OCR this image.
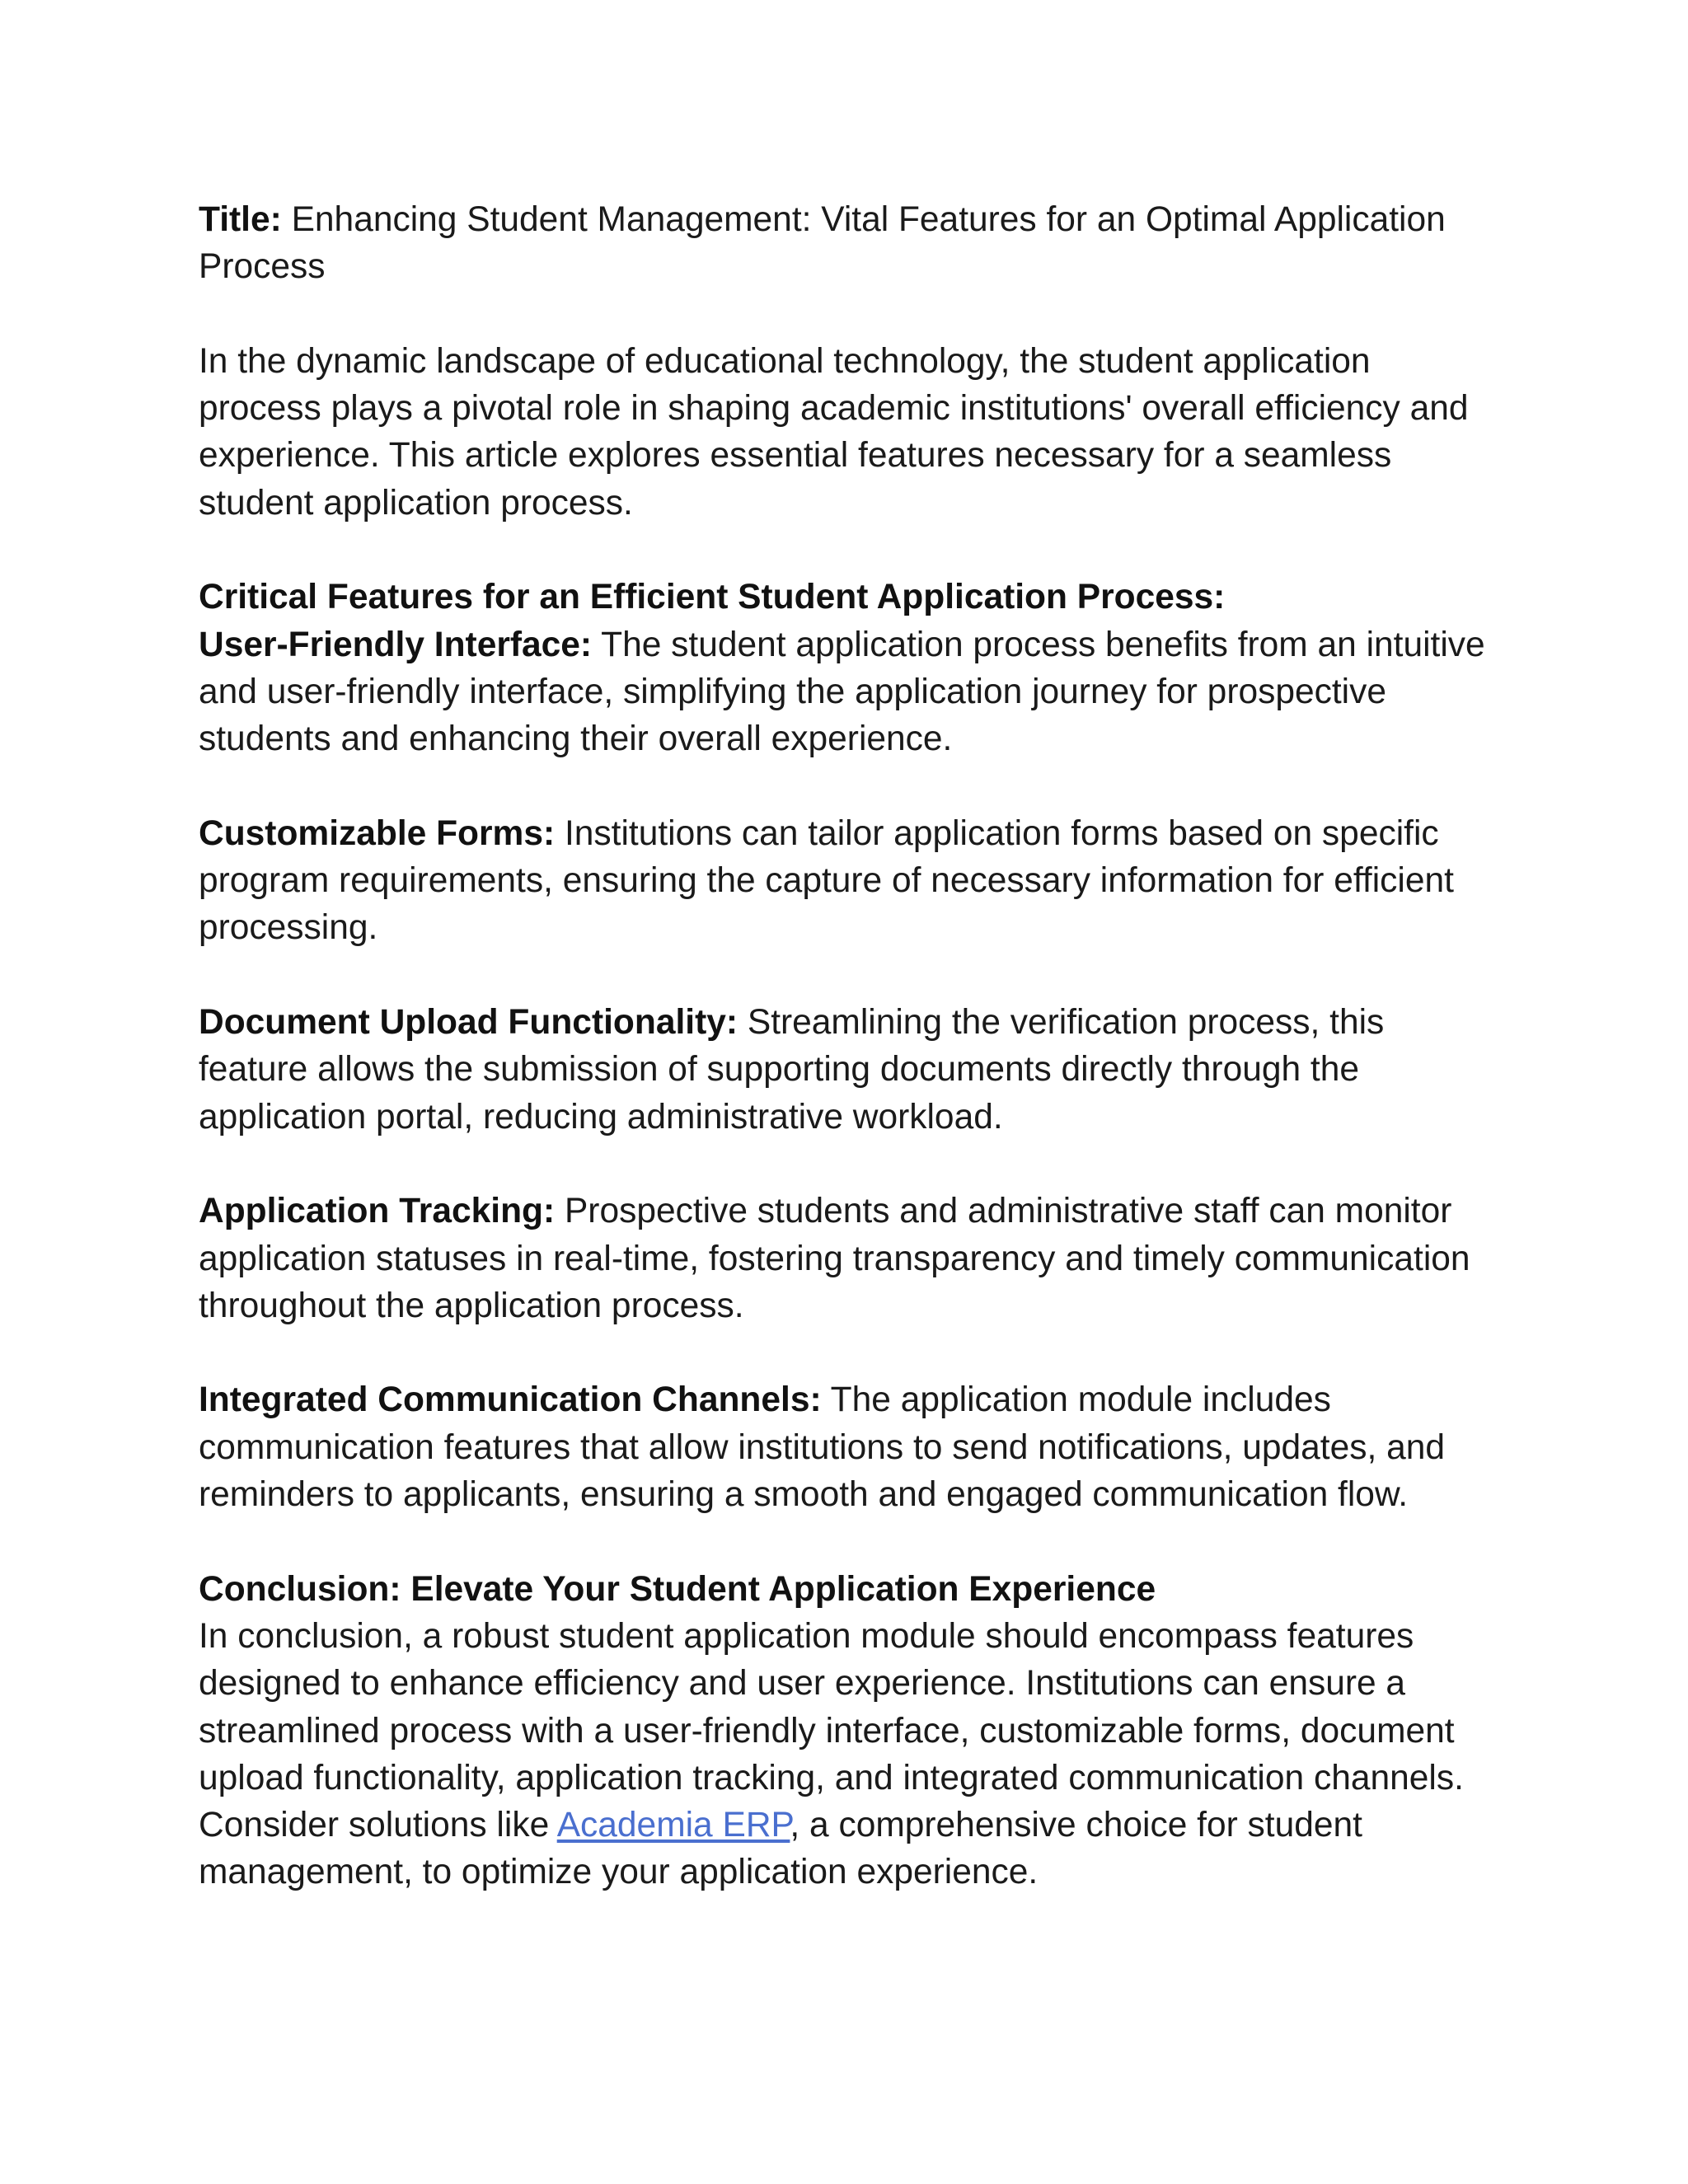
Title: Enhancing Student Management: Vital Features for an Optimal Application Process

In the dynamic landscape of educational technology, the student application process plays a pivotal role in shaping academic institutions' overall efficiency and experience. This article explores essential features necessary for a seamless student application process.

Critical Features for an Efficient Student Application Process:
User-Friendly Interface: The student application process benefits from an intuitive and user-friendly interface, simplifying the application journey for prospective students and enhancing their overall experience.

Customizable Forms: Institutions can tailor application forms based on specific program requirements, ensuring the capture of necessary information for efficient processing.

Document Upload Functionality: Streamlining the verification process, this feature allows the submission of supporting documents directly through the application portal, reducing administrative workload.

Application Tracking: Prospective students and administrative staff can monitor application statuses in real-time, fostering transparency and timely communication throughout the application process.

Integrated Communication Channels: The application module includes communication features that allow institutions to send notifications, updates, and reminders to applicants, ensuring a smooth and engaged communication flow.

Conclusion: Elevate Your Student Application Experience
In conclusion, a robust student application module should encompass features designed to enhance efficiency and user experience. Institutions can ensure a streamlined process with a user-friendly interface, customizable forms, document upload functionality, application tracking, and integrated communication channels. Consider solutions like Academia ERP, a comprehensive choice for student management, to optimize your application experience.
